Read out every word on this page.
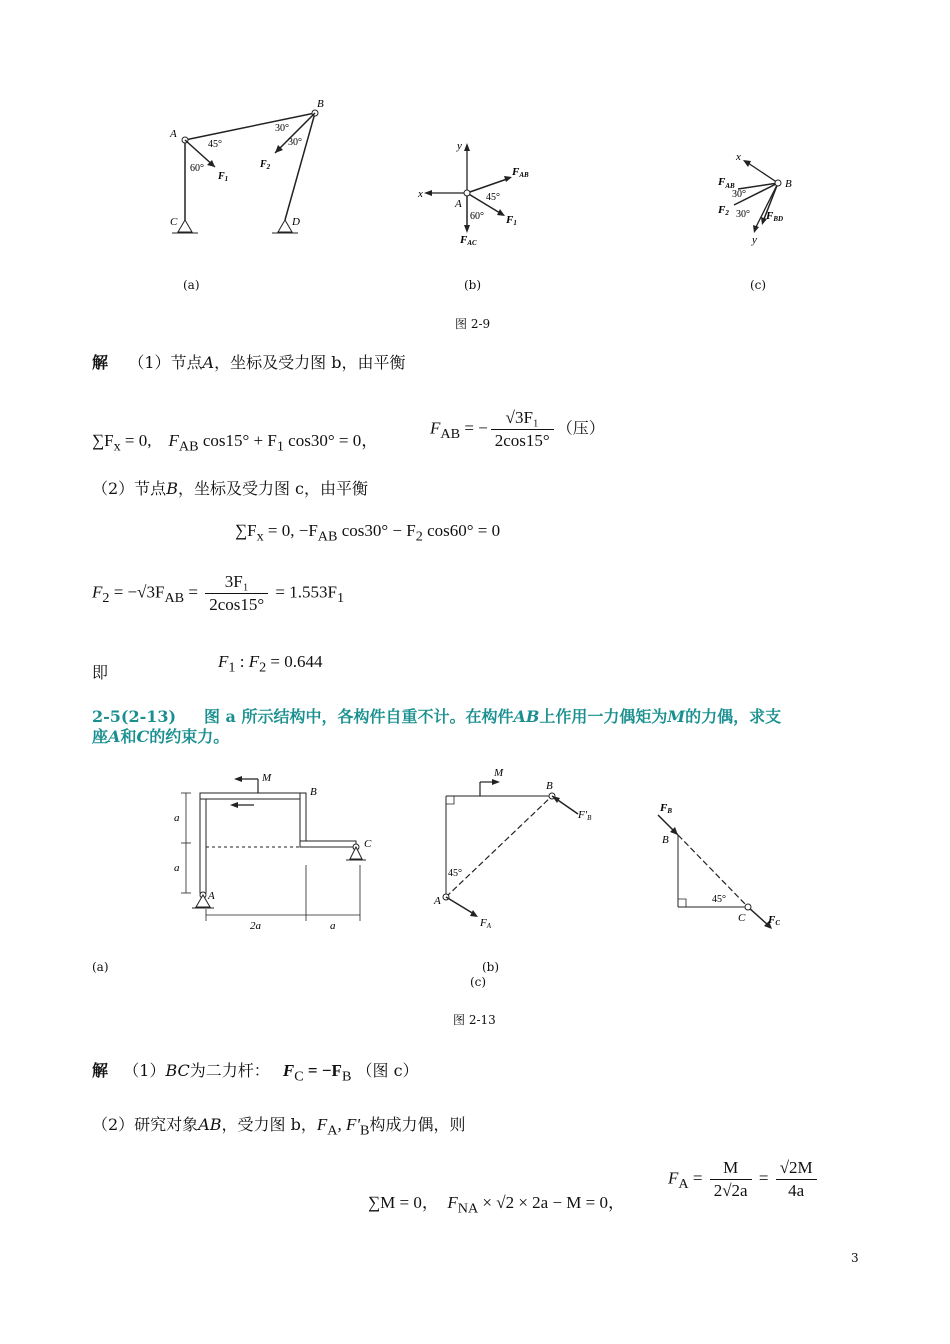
A
B
C	D
45°
60°
30°
30°
$F_1$
$F_2$
y
x
A
45°
60°
FAB
F1
FAC
x
B
$F_{AB}$
30°
F2 30° FBD
y
(a)	(b)	(c)
图 2-9
解 （1）节点A，坐标及受力图 b，由平衡
$\sum F_x = 0$, $F_{AB}$ $\cos 15^\circ + F_1$ cos30° = 0，
$F_{AB}$ = − $\frac{\text{√3F₁}}{2\cos 15^\circ}$ （压）
（2）节点B，坐标及受力图 c，由平衡
$\sum F_x = 0$, $-F_{AB}$ $\cos 30^\circ - F_2$ cos60° = 0
$F_2 = -√3F_{AB} = \frac{\text{3F₁}}{2\cos 15^\circ} = 1.553F_1$
即
$F_1$ : $F_2 = 0.644$
2-5(2-13) 图 a 所示结构中，各构件自重不计。在构件AB上作用一力偶矩为M的力偶，求支
座A和C的约束力。
M
B
C
A
a
a
2a	a
M
B
A
45°
F'B
FA
FB
B
45°
C FC
(a)	(b)
(c)
图 2-13
解 （1）BC为二力杆： $F_C = -F_B$ （图 c）
（2）研究对象AB，受力图 b，$F_A$, $F'_B$构成力偶，则
∑M = 0， $F_{NA} \times √2 \times 2a - M = 0$，
$F_A = \frac{M}{2√2a} = \frac{√2M}{4a}$
3
